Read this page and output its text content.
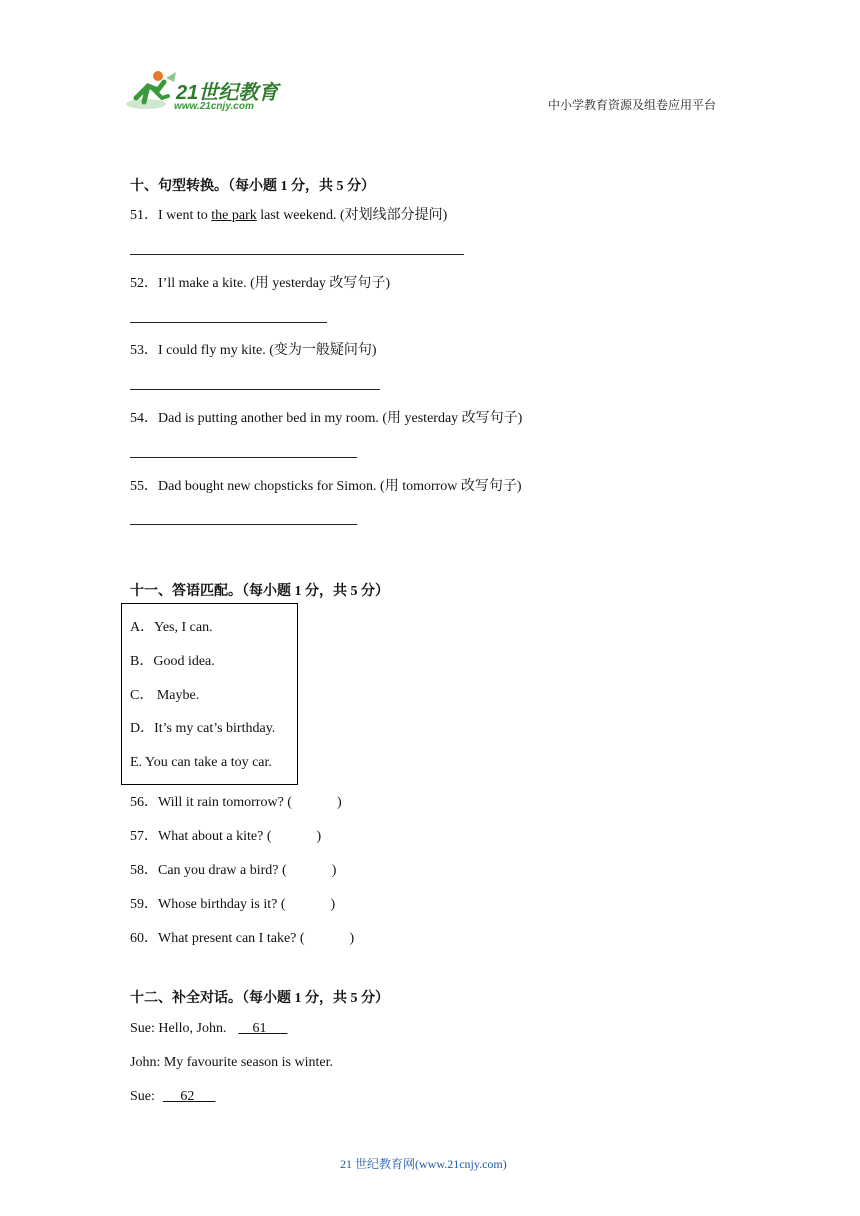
21世纪教育
www.21cnjy.com	中小学教育资源及组卷应用平台
十、句型转换。（每小题 1 分，共 5 分）
51．I went to the park last weekend. (对划线部分提问)
52．I’ll make a kite. (用 yesterday 改写句子)
53．I could fly my kite. (变为一般疑问句)
54．Dad is putting another bed in my room. (用 yesterday 改写句子)
55．Dad bought new chopsticks for Simon. (用 tomorrow 改写句子)
十一、答语匹配。（每小题 1 分，共 5 分）
A．Yes, I can.
B．Good idea.
C． Maybe.
D．It’s my cat’s birthday.
E. You can take a toy car.
56．Will it rain tomorrow? (	)
57．What about a kite? (	)
58．Can you draw a bird? (	)
59．Whose birthday is it? (	)
60．What present can I take? (	)
十二、补全对话。（每小题 1 分，共 5 分）
Sue: Hello, John. 61
John: My favourite season is winter.
Sue: 62
21 世纪教育网(www.21cnjy.com)
